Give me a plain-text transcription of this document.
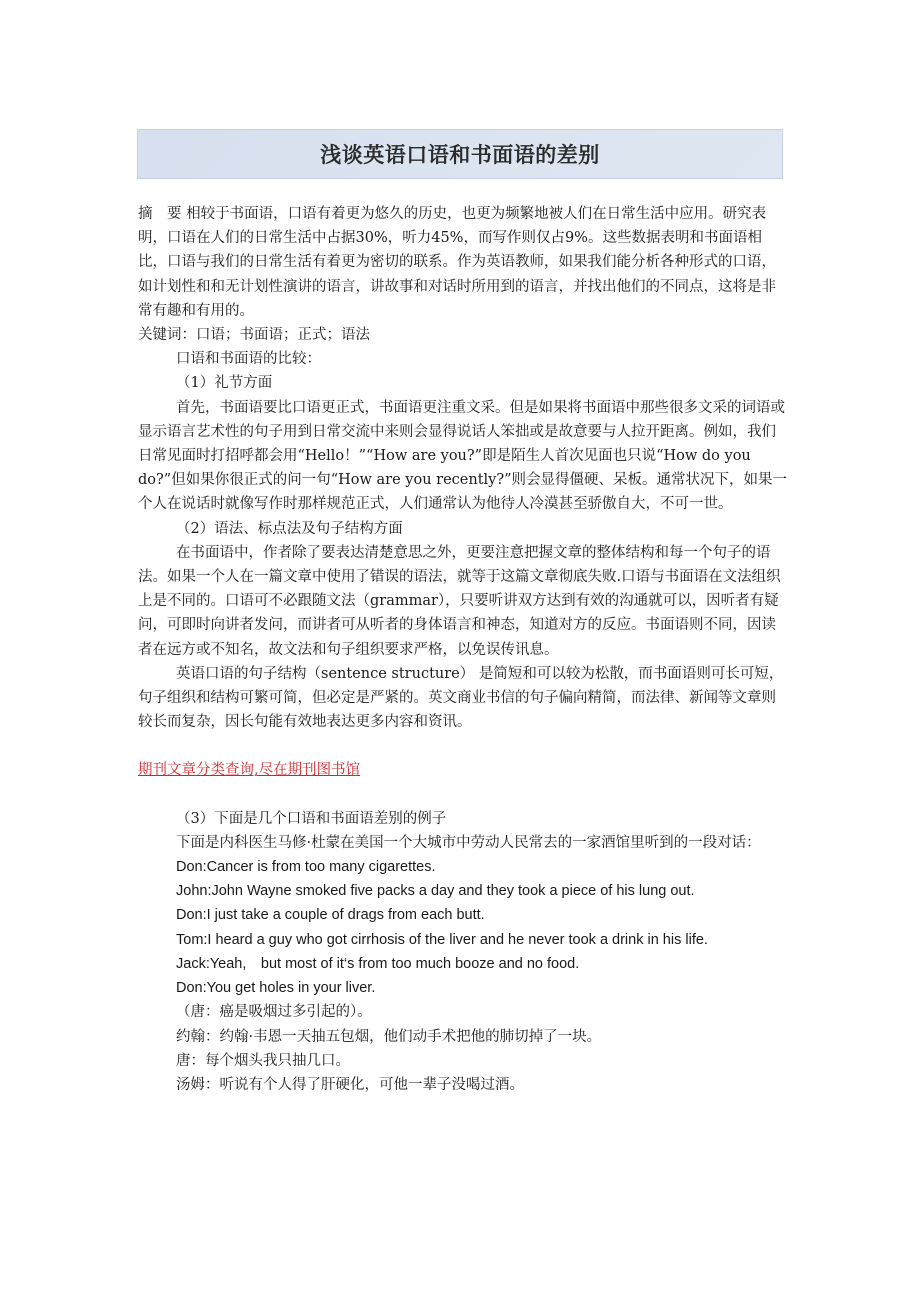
浅谈英语口语和书面语的差别

摘　要 相较于书面语，口语有着更为悠久的历史，也更为频繁地被人们在日常生活中应用。研究表明，口语在人们的日常生活中占据30%，听力45%，而写作则仅占9%。这些数据表明和书面语相比，口语与我们的日常生活有着更为密切的联系。作为英语教师，如果我们能分析各种形式的口语，如计划性和和无计划性演讲的语言，讲故事和对话时所用到的语言，并找出他们的不同点，这将是非常有趣和有用的。

关键词：口语；书面语；正式；语法

口语和书面语的比较：

（1）礼节方面

首先，书面语要比口语更正式，书面语更注重文采。但是如果将书面语中那些很多文采的词语或显示语言艺术性的句子用到日常交流中来则会显得说话人笨拙或是故意要与人拉开距离。例如，我们日常见面时打招呼都会用“Hello！”“How are you?”即是陌生人首次见面也只说“How do you do?”但如果你很正式的问一句“How are you recently?”则会显得僵硬、呆板。通常状况下，如果一个人在说话时就像写作时那样规范正式，人们通常认为他待人冷漠甚至骄傲自大，不可一世。

（2）语法、标点法及句子结构方面

在书面语中，作者除了要表达清楚意思之外，更要注意把握文章的整体结构和每一个句子的语法。如果一个人在一篇文章中使用了错误的语法，就等于这篇文章彻底失败.口语与书面语在文法组织上是不同的。口语可不必跟随文法（grammar），只要听讲双方达到有效的沟通就可以，因听者有疑问，可即时向讲者发问，而讲者可从听者的身体语言和神态，知道对方的反应。书面语则不同，因读者在远方或不知名，故文法和句子组织要求严格，以免误传讯息。

英语口语的句子结构（sentence structure） 是简短和可以较为松散，而书面语则可长可短，句子组织和结构可繁可简，但必定是严紧的。英文商业书信的句子偏向精简，而法律、新闻等文章则较长而复杂，因长句能有效地表达更多内容和资讯。

期刊文章分类查询,尽在期刊图书馆

（3）下面是几个口语和书面语差别的例子

下面是内科医生马修·杜蒙在美国一个大城市中劳动人民常去的一家酒馆里听到的一段对话：

Don:Cancer is from too many cigarettes.

John:John Wayne smoked five packs a day and they took a piece of his lung out.

Don:I just take a couple of drags from each butt.

Tom:I heard a guy who got cirrhosis of the liver and he never took a drink in his life.

Jack:Yeah,　but most of it‘s from too much booze and no food.

Don:You get holes in your liver.

（唐：癌是吸烟过多引起的）。

约翰：约翰·韦恩一天抽五包烟，他们动手术把他的肺切掉了一块。

唐：每个烟头我只抽几口。

汤姆：听说有个人得了肝硬化，可他一辈子没喝过酒。
